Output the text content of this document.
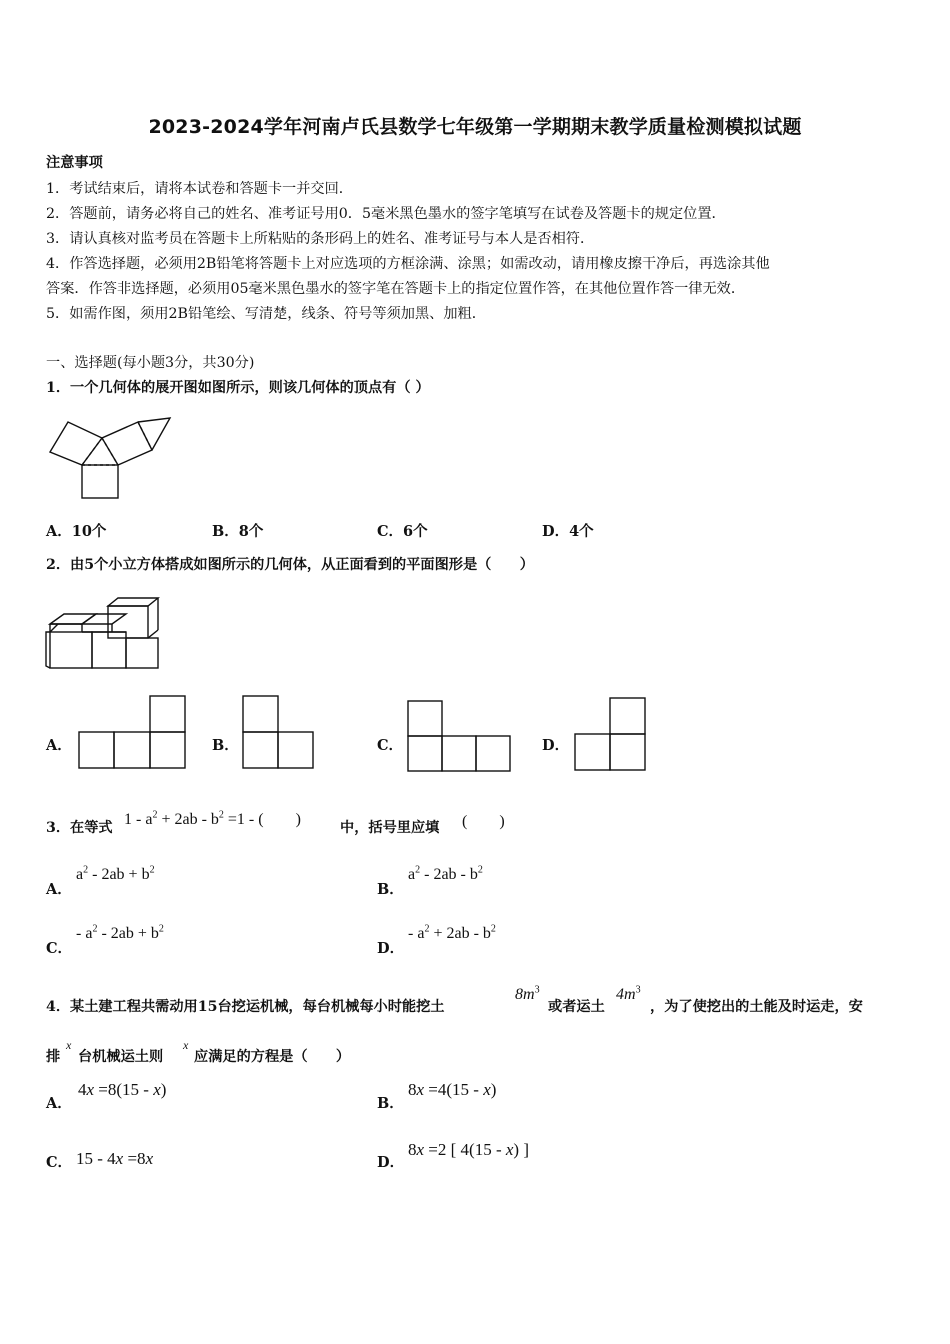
2023-2024学年河南卢氏县数学七年级第一学期期末教学质量检测模拟试题
注意事项
1．考试结束后，请将本试卷和答题卡一并交回．
2．答题前，请务必将自己的姓名、准考证号用0．5毫米黑色墨水的签字笔填写在试卷及答题卡的规定位置．
3．请认真核对监考员在答题卡上所粘贴的条形码上的姓名、准考证号与本人是否相符．
4．作答选择题，必须用2B铅笔将答题卡上对应选项的方框涂满、涂黑；如需改动，请用橡皮擦干净后，再选涂其他
答案．作答非选择题，必须用05毫米黑色墨水的签字笔在答题卡上的指定位置作答，在其他位置作答一律无效．
5．如需作图，须用2B铅笔绘、写清楚，线条、符号等须加黑、加粗．
一、选择题(每小题3分，共30分)
1．一个几何体的展开图如图所示，则该几何体的顶点有（ ）
A．10个	B．8个	C．6个	D．4个
2．由5个小立方体搭成如图所示的几何体，从正面看到的平面图形是（　　）
A．	B．	C．	D．
3．在等式 $1 - a^2 + 2ab - b^2 =1$ - (　　)	中，括号里应填 (　　)
A．
$a^2 - 2ab + b^2$
B．
$a^2 - 2ab - b^2$
C．
- $a^2 - 2ab + b^2$
D．
- $a^2 + 2ab - b^2$
4．某土建工程共需动用15台挖运机械，每台机械每小时能挖土
$8m^3$
或者运土
$4m^3$
，为了使挖出的土能及时运走，安
排
x
台机械运土则
x
应满足的方程是（　　）
A．
4x =8(15 - x)
B．
8x =4(15 - x)
C． 15 - 4x =8x	D．
8x =2 [ 4(15 - x) ]
